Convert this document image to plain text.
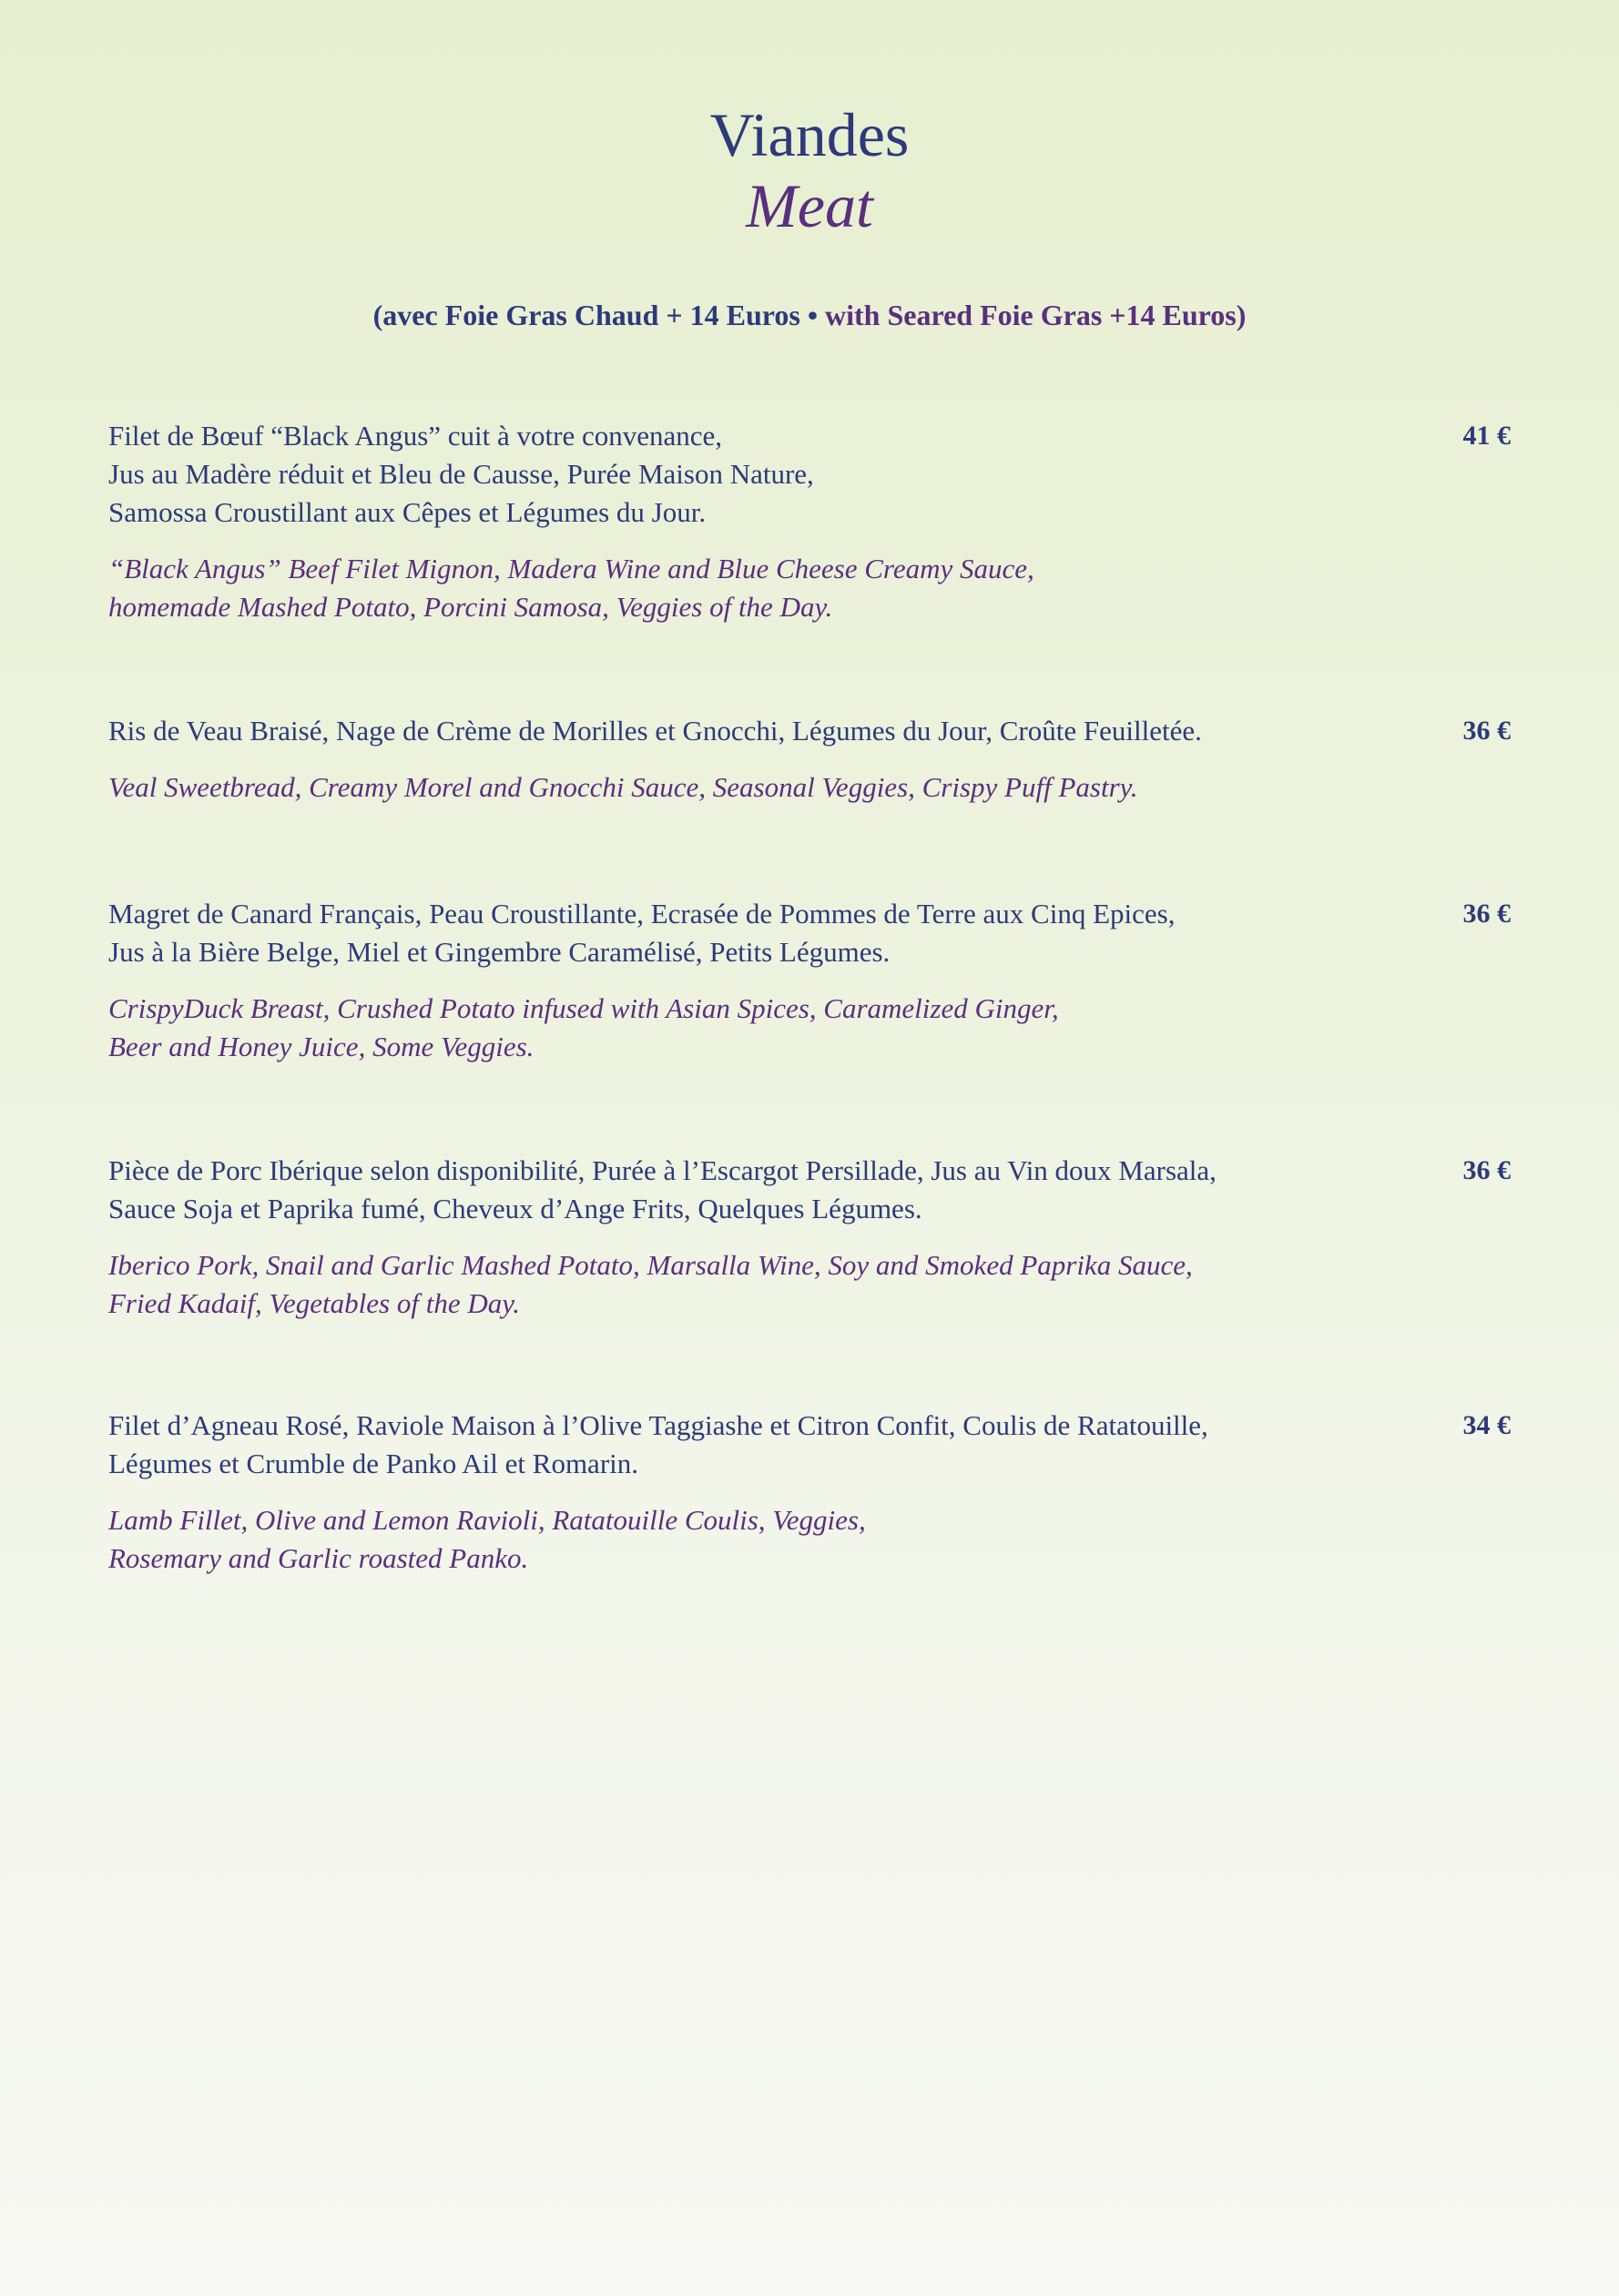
Viandes
Meat
(avec Foie Gras Chaud + 14 Euros • with Seared Foie Gras +14 Euros)
Filet de Bœuf “Black Angus” cuit à votre convenance,
Jus au Madère réduit et Bleu de Causse, Purée Maison Nature,
Samossa Croustillant aux Cêpes et Légumes du Jour.
“Black Angus” Beef Filet Mignon, Madera Wine and Blue Cheese Creamy Sauce,
homemade Mashed Potato, Porcini Samosa, Veggies of the Day.
41 €
Ris de Veau Braisé, Nage de Crème de Morilles et Gnocchi, Légumes du Jour, Croûte Feuilletée.
Veal Sweetbread, Creamy Morel and Gnocchi Sauce, Seasonal Veggies, Crispy Puff Pastry.
36 €
Magret de Canard Français, Peau Croustillante, Ecrasée de Pommes de Terre aux Cinq Epices,
Jus à la Bière Belge, Miel et Gingembre Caramélisé, Petits Légumes.
CrispyDuck Breast, Crushed Potato infused with Asian Spices, Caramelized Ginger,
Beer and Honey Juice, Some Veggies.
36 €
Pièce de Porc Ibérique selon disponibilité, Purée à l’Escargot Persillade, Jus au Vin doux Marsala,
Sauce Soja et Paprika fumé, Cheveux d’Ange Frits, Quelques Légumes.
Iberico Pork, Snail and Garlic Mashed Potato, Marsalla Wine, Soy and Smoked Paprika Sauce,
Fried Kadaif, Vegetables of the Day.
36 €
Filet d’Agneau Rosé, Raviole Maison à l’Olive Taggiashe et Citron Confit, Coulis de Ratatouille,
Légumes et Crumble de Panko Ail et Romarin.
Lamb Fillet, Olive and Lemon Ravioli, Ratatouille Coulis, Veggies,
Rosemary and Garlic roasted Panko.
34 €
